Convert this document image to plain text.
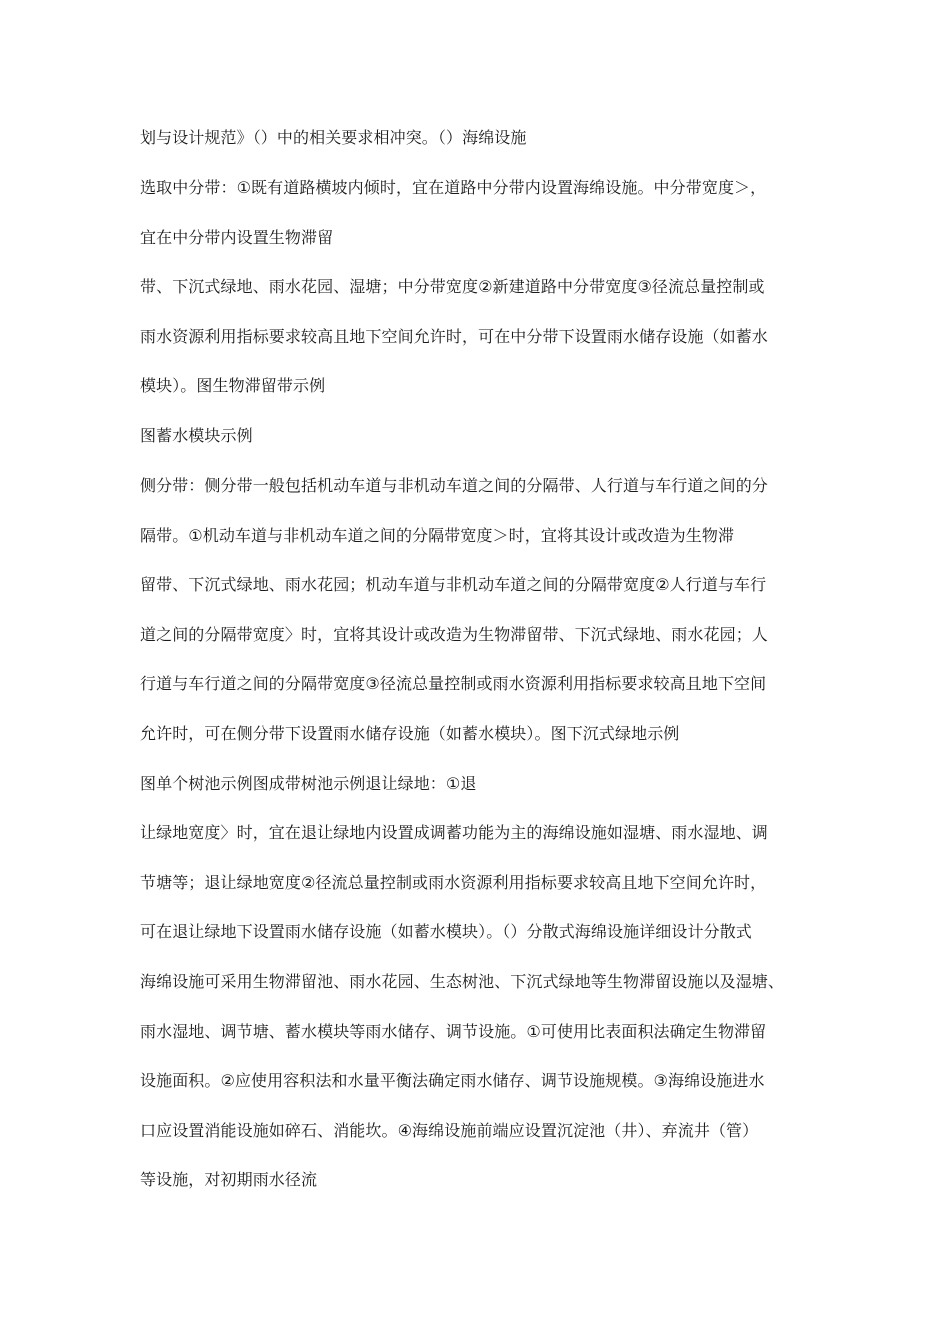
划与设计规范》（）中的相关要求相冲突。（）海绵设施
选取中分带：①既有道路横坡内倾时，宜在道路中分带内设置海绵设施。中分带宽度＞，
宜在中分带内设置生物滞留
带、下沉式绿地、雨水花园、湿塘；中分带宽度②新建道路中分带宽度③径流总量控制或
雨水资源利用指标要求较高且地下空间允许时，可在中分带下设置雨水储存设施（如蓄水
模块）。图生物滞留带示例
图蓄水模块示例
侧分带：侧分带一般包括机动车道与非机动车道之间的分隔带、人行道与车行道之间的分
隔带。①机动车道与非机动车道之间的分隔带宽度＞时，宜将其设计或改造为生物滞
留带、下沉式绿地、雨水花园；机动车道与非机动车道之间的分隔带宽度②人行道与车行
道之间的分隔带宽度〉时，宜将其设计或改造为生物滞留带、下沉式绿地、雨水花园；人
行道与车行道之间的分隔带宽度③径流总量控制或雨水资源利用指标要求较高且地下空间
允许时，可在侧分带下设置雨水储存设施（如蓄水模块）。图下沉式绿地示例
图单个树池示例图成带树池示例退让绿地：①退
让绿地宽度〉时，宜在退让绿地内设置成调蓄功能为主的海绵设施如湿塘、雨水湿地、调
节塘等；退让绿地宽度②径流总量控制或雨水资源利用指标要求较高且地下空间允许时，
可在退让绿地下设置雨水储存设施（如蓄水模块）。（）分散式海绵设施详细设计分散式
海绵设施可采用生物滞留池、雨水花园、生态树池、下沉式绿地等生物滞留设施以及湿塘、
雨水湿地、调节塘、蓄水模块等雨水储存、调节设施。①可使用比表面积法确定生物滞留
设施面积。②应使用容积法和水量平衡法确定雨水储存、调节设施规模。③海绵设施进水
口应设置消能设施如碎石、消能坎。④海绵设施前端应设置沉淀池（井）、弃流井（管）
等设施，对初期雨水径流
